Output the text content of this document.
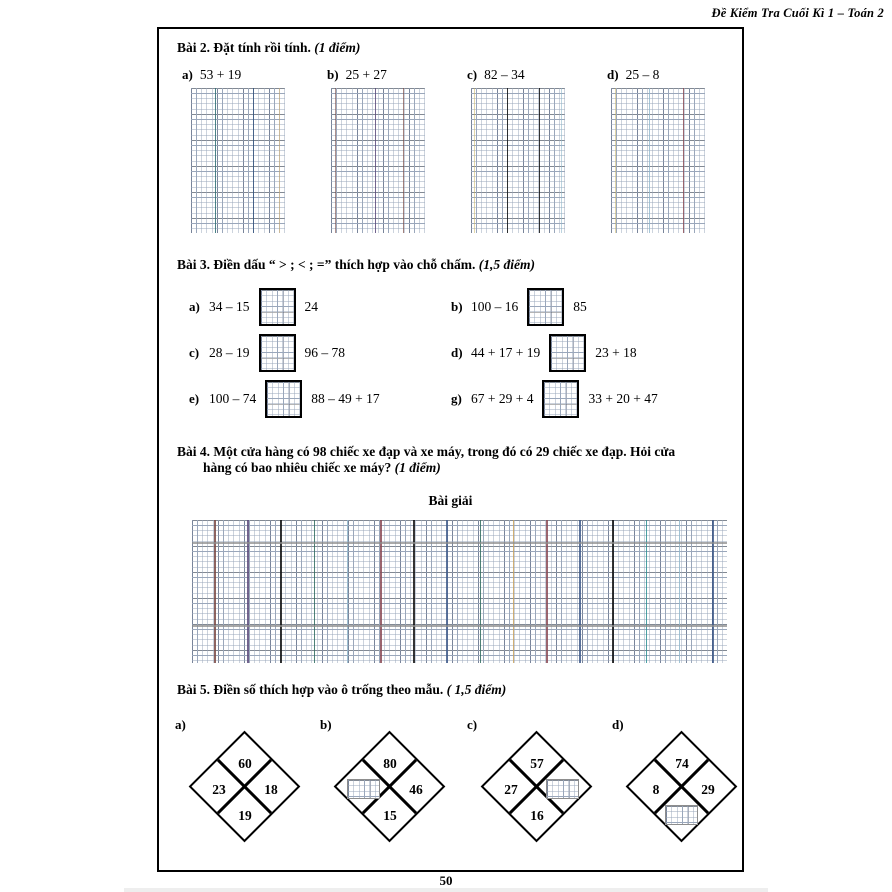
Đề Kiểm Tra Cuối Kì 1 – Toán 2
Bài 2. Đặt tính rồi tính. (1 điểm)
a) 53 + 19	b) 25 + 27	c) 82 – 34	d) 25 – 8
Bài 3. Điền dấu “ > ; < ; =” thích hợp vào chỗ chấm. (1,5 điểm)
a) 34 – 15	24	b) 100 – 16	85
c) 28 – 19	96 – 78	d) 44 + 17 + 19	23 + 18
e) 100 – 74	88 – 49 + 17	g) 67 + 29 + 4	33 + 20 + 47
Bài 4. Một cửa hàng có 98 chiếc xe đạp và xe máy, trong đó có 29 chiếc xe đạp. Hỏi cửa
hàng có bao nhiêu chiếc xe máy? (1 điểm)
Bài giải
Bài 5. Điền số thích hợp vào ô trống theo mẫu. ( 1,5 điểm)
a)
60
23	18
19
b)
80
46
15
c)
57
27
16
d)
74
8	29
50
